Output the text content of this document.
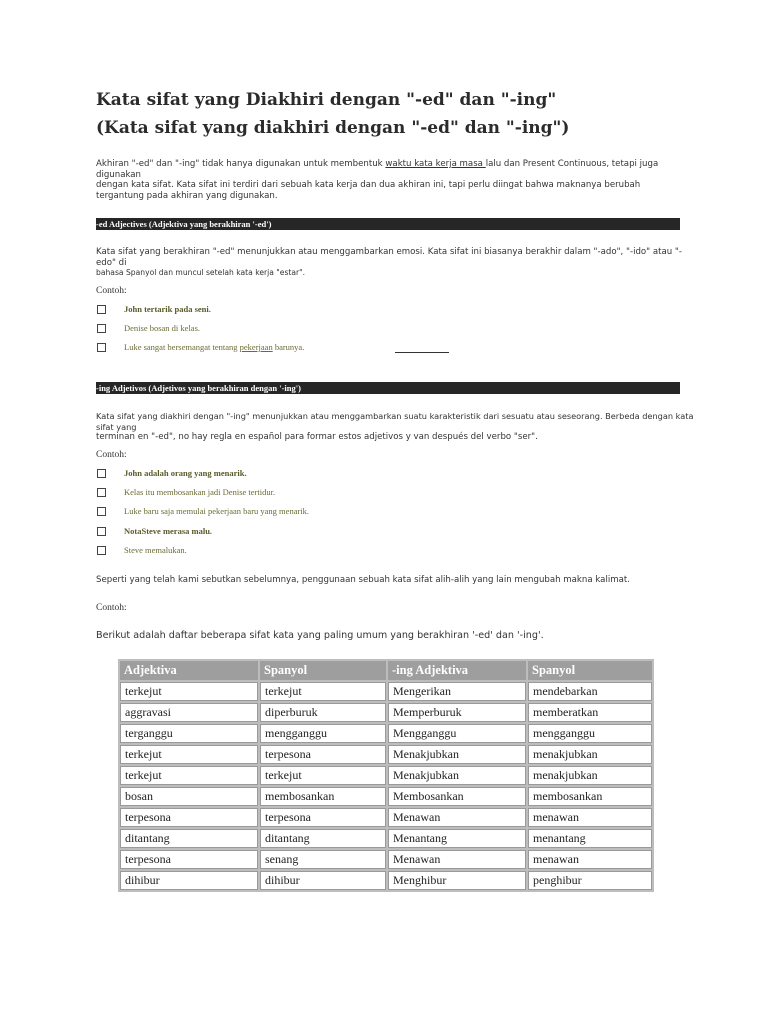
Kata sifat yang Diakhiri dengan "-ed" dan "-ing"
(Kata sifat yang diakhiri dengan "-ed" dan "-ing")
Akhiran "-ed" dan "-ing" tidak hanya digunakan untuk membentuk waktu kata kerja masa lalu dan Present Continuous, tetapi juga digunakan
dengan kata sifat. Kata sifat ini terdiri dari sebuah kata kerja dan dua akhiran ini, tapi perlu diingat bahwa maknanya berubah
tergantung pada akhiran yang digunakan.
-ed Adjectives (Adjektiva yang berakhiran '-ed')
Kata sifat yang berakhiran "-ed" menunjukkan atau menggambarkan emosi. Kata sifat ini biasanya berakhir dalam "-ado", "-ido" atau "-edo" di
bahasa Spanyol dan muncul setelah kata kerja "estar".
Contoh:
John tertarik pada seni.
Denise bosan di kelas.
Luke sangat bersemangat tentang pekerjaan barunya.
-ing Adjetivos (Adjetivos yang berakhiran dengan '-ing')
Kata sifat yang diakhiri dengan "-ing" menunjukkan atau menggambarkan suatu karakteristik dari sesuatu atau seseorang. Berbeda dengan kata sifat yang
terminan en "-ed", no hay regla en español para formar estos adjetivos y van después del verbo "ser".
Contoh:
John adalah orang yang menarik.
Kelas itu membosankan jadi Denise tertidur.
Luke baru saja memulai pekerjaan baru yang menarik.
NotaSteve merasa malu.
Steve memalukan.
Seperti yang telah kami sebutkan sebelumnya, penggunaan sebuah kata sifat alih-alih yang lain mengubah makna kalimat.
Contoh:
Berikut adalah daftar beberapa sifat kata yang paling umum yang berakhiran '-ed' dan '-ing'.
Adjektiva	Spanyol	-ing Adjektiva	Spanyol
terkejut	terkejut	Mengerikan	mendebarkan
aggravasi	diperburuk	Memperburuk	memberatkan
terganggu	mengganggu	Mengganggu	mengganggu
terkejut	terpesona	Menakjubkan	menakjubkan
terkejut	terkejut	Menakjubkan	menakjubkan
bosan	membosankan	Membosankan	membosankan
terpesona	terpesona	Menawan	menawan
ditantang	ditantang	Menantang	menantang
terpesona	senang	Menawan	menawan
dihibur	dihibur	Menghibur	penghibur
